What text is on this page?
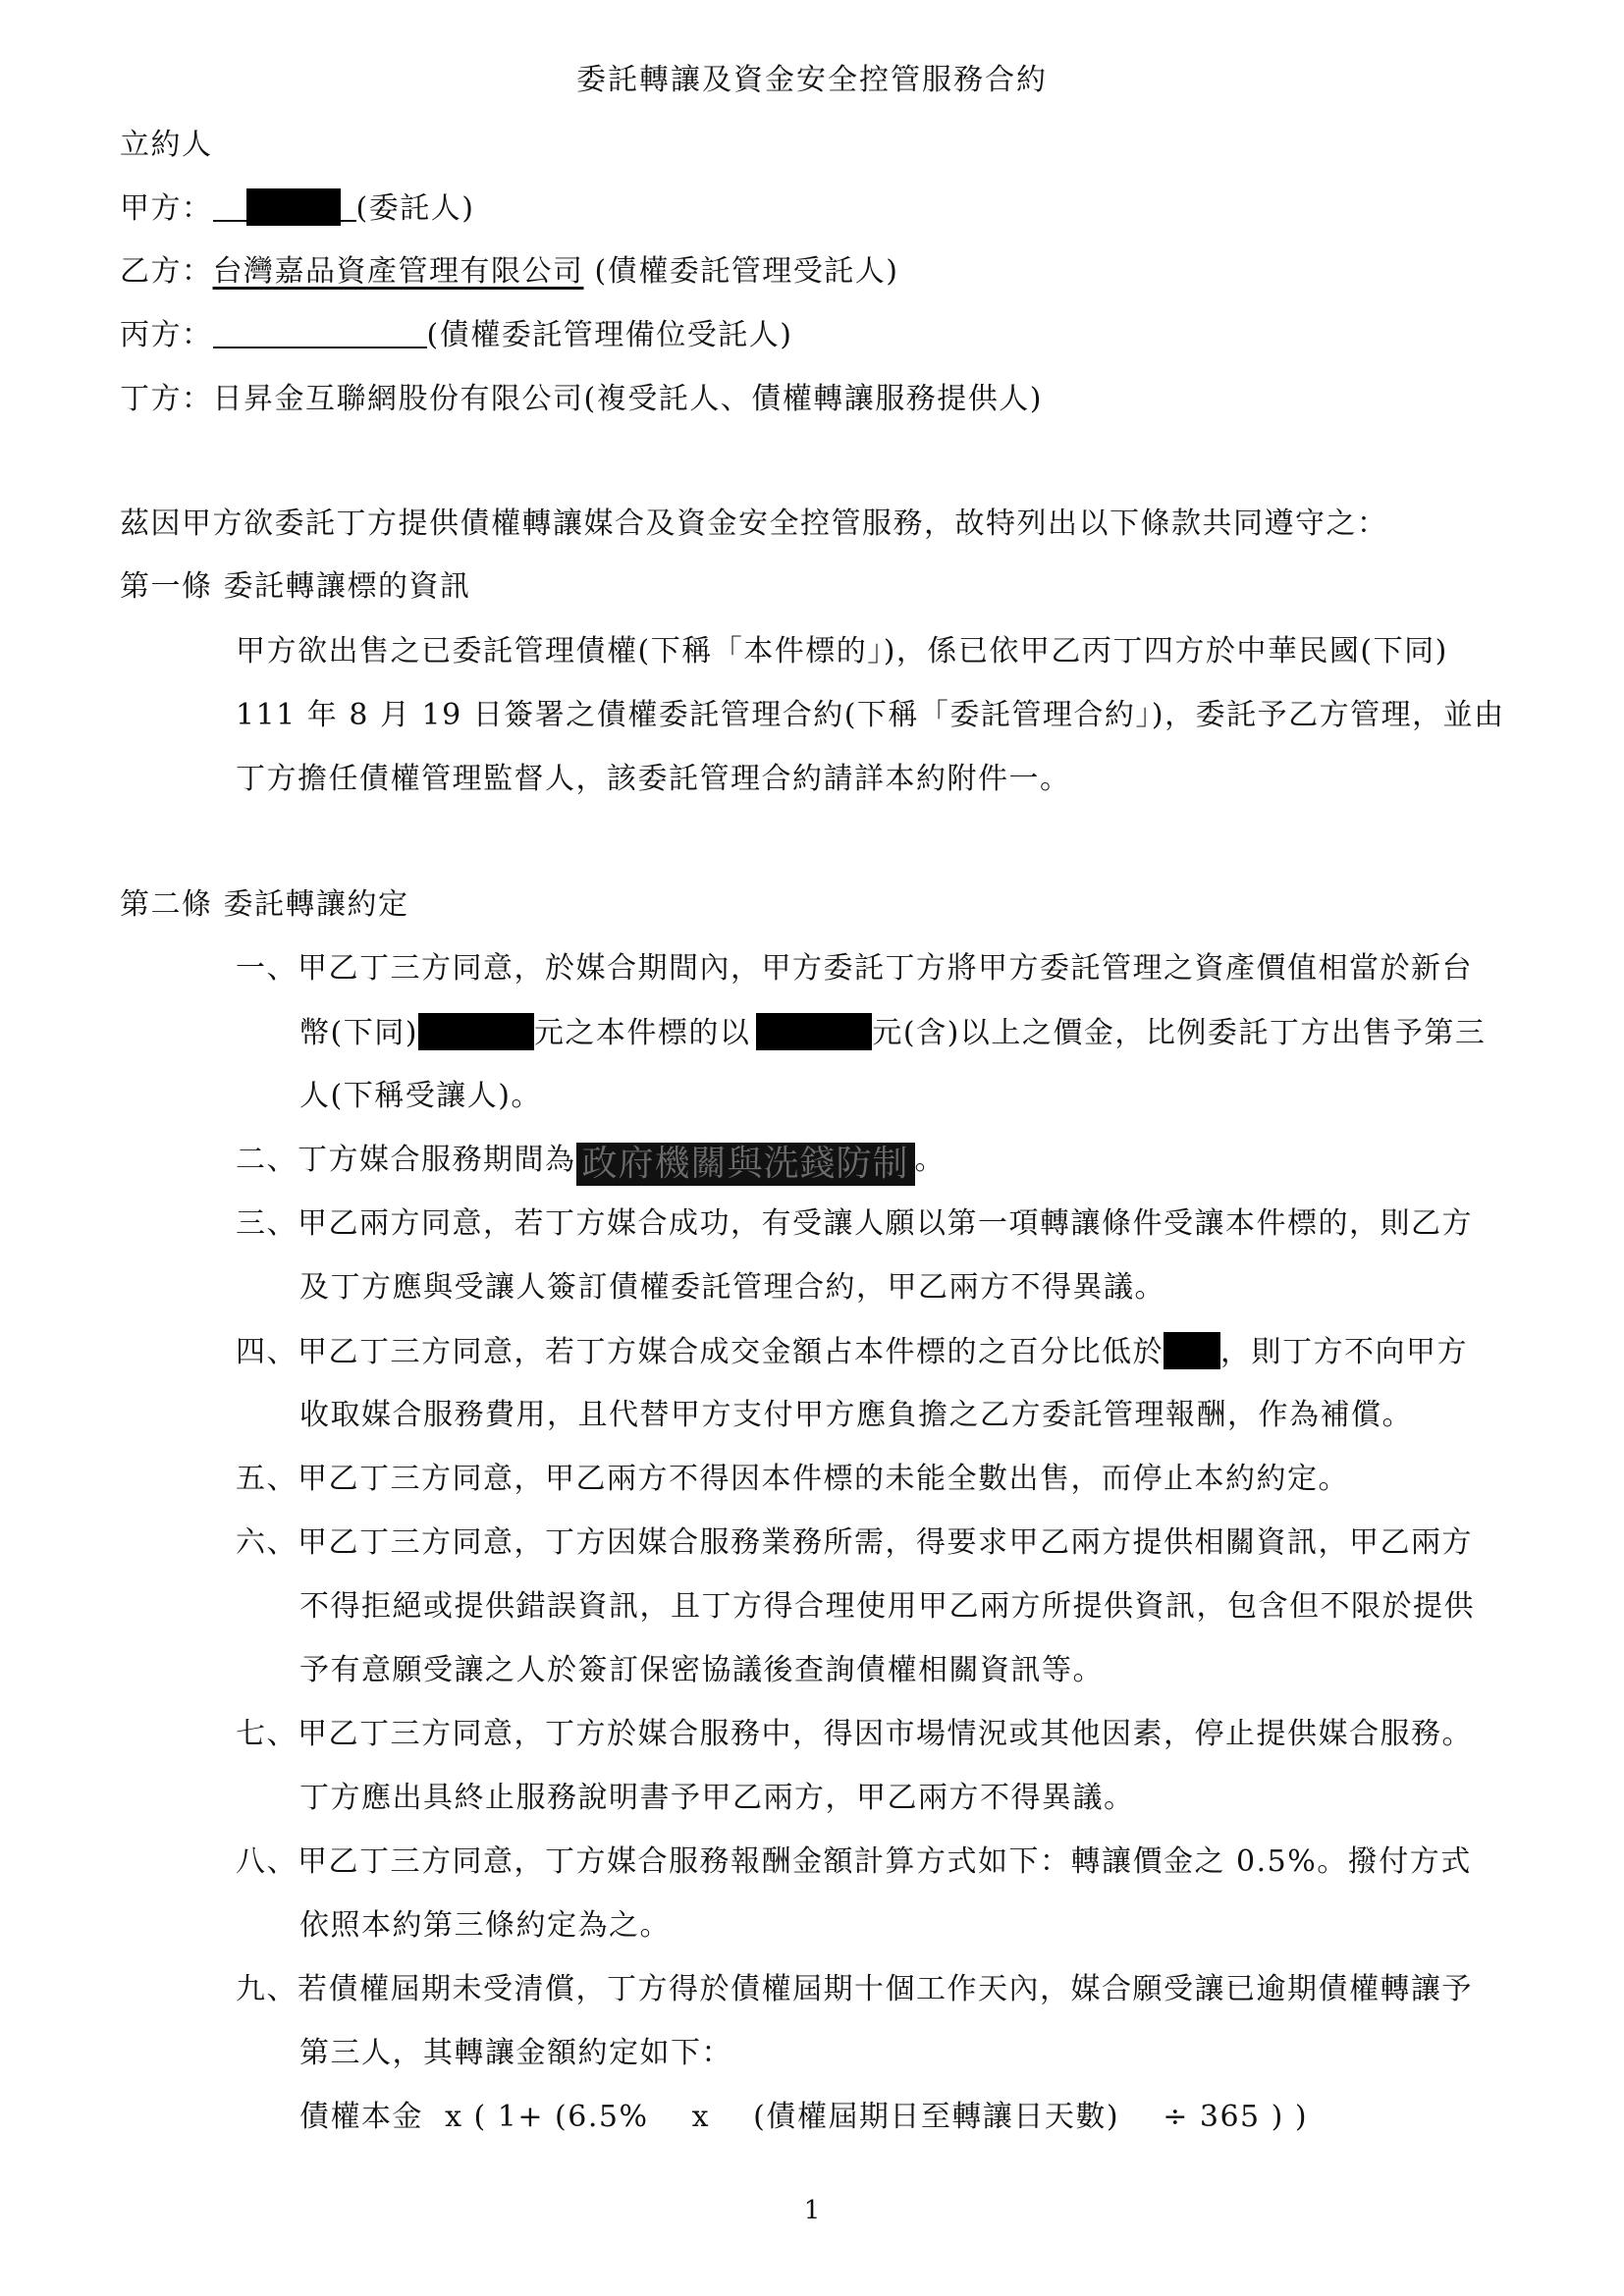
委託轉讓及資金安全控管服務合約
立約人
甲方：	(委託人)
乙方：台灣嘉品資產管理有限公司 (債權委託管理受託人)
丙方：	(債權委託管理備位受託人)
丁方：日昇金互聯網股份有限公司(複受託人、債權轉讓服務提供人)
茲因甲方欲委託丁方提供債權轉讓媒合及資金安全控管服務，故特列出以下條款共同遵守之：
第一條 委託轉讓標的資訊
甲方欲出售之已委託管理債權(下稱「本件標的」)，係已依甲乙丙丁四方於中華民國(下同)
111 年 8 月 19 日簽署之債權委託管理合約(下稱「委託管理合約」)，委託予乙方管理，並由
丁方擔任債權管理監督人，該委託管理合約請詳本約附件一。
第二條 委託轉讓約定
一、甲乙丁三方同意，於媒合期間內，甲方委託丁方將甲方委託管理之資產價值相當於新台
幣(下同)	元之本件標的以	元(含)以上之價金，比例委託丁方出售予第三
人(下稱受讓人)。
二、丁方媒合服務期間為 政府機關與洗錢防制 。
三、甲乙兩方同意，若丁方媒合成功，有受讓人願以第一項轉讓條件受讓本件標的，則乙方
及丁方應與受讓人簽訂債權委託管理合約，甲乙兩方不得異議。
四、甲乙丁三方同意，若丁方媒合成交金額占本件標的之百分比低於 ，則丁方不向甲方
收取媒合服務費用，且代替甲方支付甲方應負擔之乙方委託管理報酬，作為補償。
五、甲乙丁三方同意，甲乙兩方不得因本件標的未能全數出售，而停止本約約定。
六、甲乙丁三方同意，丁方因媒合服務業務所需，得要求甲乙兩方提供相關資訊，甲乙兩方
不得拒絕或提供錯誤資訊，且丁方得合理使用甲乙兩方所提供資訊，包含但不限於提供
予有意願受讓之人於簽訂保密協議後查詢債權相關資訊等。
七、甲乙丁三方同意，丁方於媒合服務中，得因市場情況或其他因素，停止提供媒合服務。
丁方應出具終止服務說明書予甲乙兩方，甲乙兩方不得異議。
八、甲乙丁三方同意，丁方媒合服務報酬金額計算方式如下：轉讓價金之 0.5%。撥付方式
依照本約第三條約定為之。
九、若債權屆期未受清償，丁方得於債權屆期十個工作天內，媒合願受讓已逾期債權轉讓予
第三人，其轉讓金額約定如下：
債權本金  x ( 1+ (6.5%    x    (債權屆期日至轉讓日天數)    ÷ 365 ) )
1
